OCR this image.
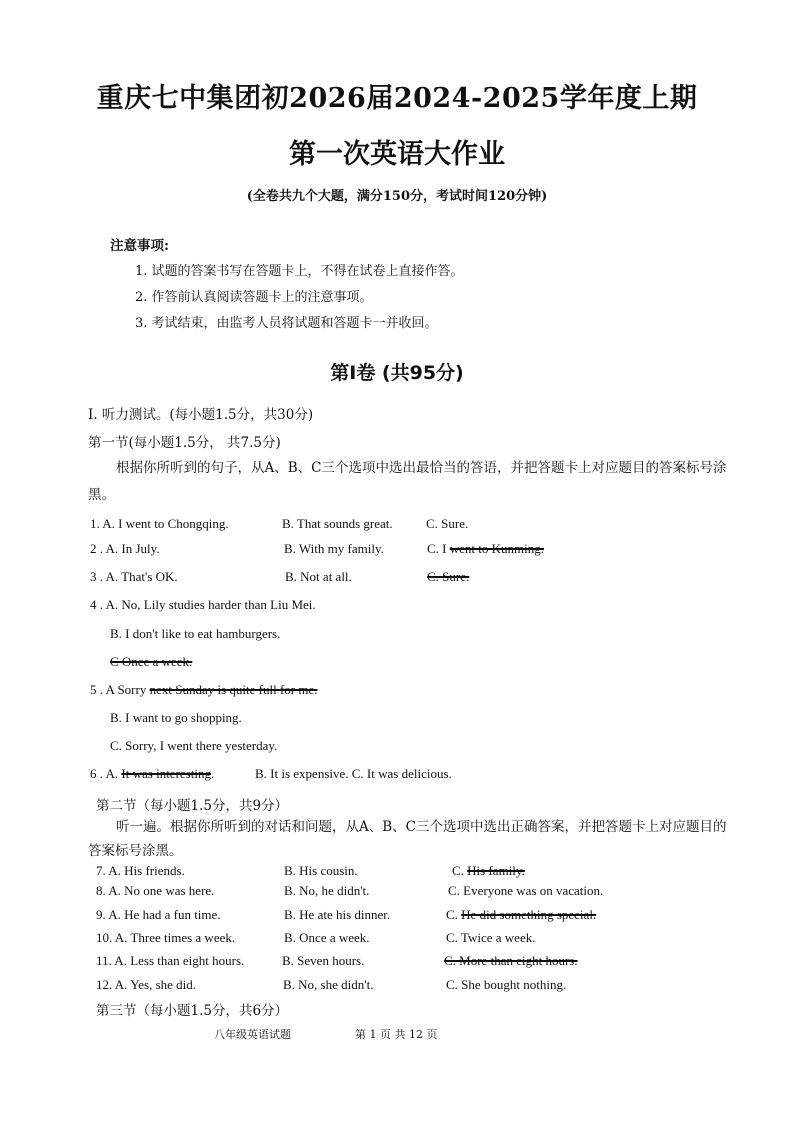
重庆七中集团初2026届2024-2025学年度上期
第一次英语大作业
(全卷共九个大题，满分150分，考试时间120分钟)
注意事项:
1. 试题的答案书写在答题卡上，不得在试卷上直接作答。
2. 作答前认真阅读答题卡上的注意事项。
3. 考试结束，由监考人员将试题和答题卡一并收回。
第Ⅰ卷 (共95分)
Ⅰ. 听力测试。(每小题1.5分，共30分)
第一节(每小题1.5分， 共7.5分)
根据你所听到的句子，从A、B、C三个选项中选出最恰当的答语，并把答题卡上对应题目的答案标号涂黑。
1. A. I went to Chongqing.	B. That sounds great.	C. Sure.
2 . A. In July.	B. With my family.	C. I went to Kunming.
3 . A. That's OK.	B. Not at all.	C. Sure.
4 . A. No, Lily studies harder than Liu Mei.
B. I don't like to eat hamburgers.
C Once a week.
5 . A Sorry next Sunday is quite full for me.
B. I want to go shopping.
C. Sorry, I went there yesterday.
6 . A. It was interesting.	B. It is expensive. C. It was delicious.
第二节（每小题1.5分，共9分）
听一遍。根据你所听到的对话和问题，从A、B、C三个选项中选出正确答案，并把答题卡上对应题目的答案标号涂黑。
7. A. His friends.	B. His cousin.	C. His family.
8. A. No one was here.	B. No, he didn't.	C. Everyone was on vacation.
9. A. He had a fun time.	B. He ate his dinner.	C. He did something special.
10. A. Three times a week.	B. Once a week.	C. Twice a week.
11. A. Less than eight hours.	B. Seven hours.	C. More than eight hours.
12. A. Yes, she did.	B. No, she didn't.	C. She bought nothing.
第三节（每小题1.5分，共6分）
八年级英语试题	第 1 页 共 12 页
